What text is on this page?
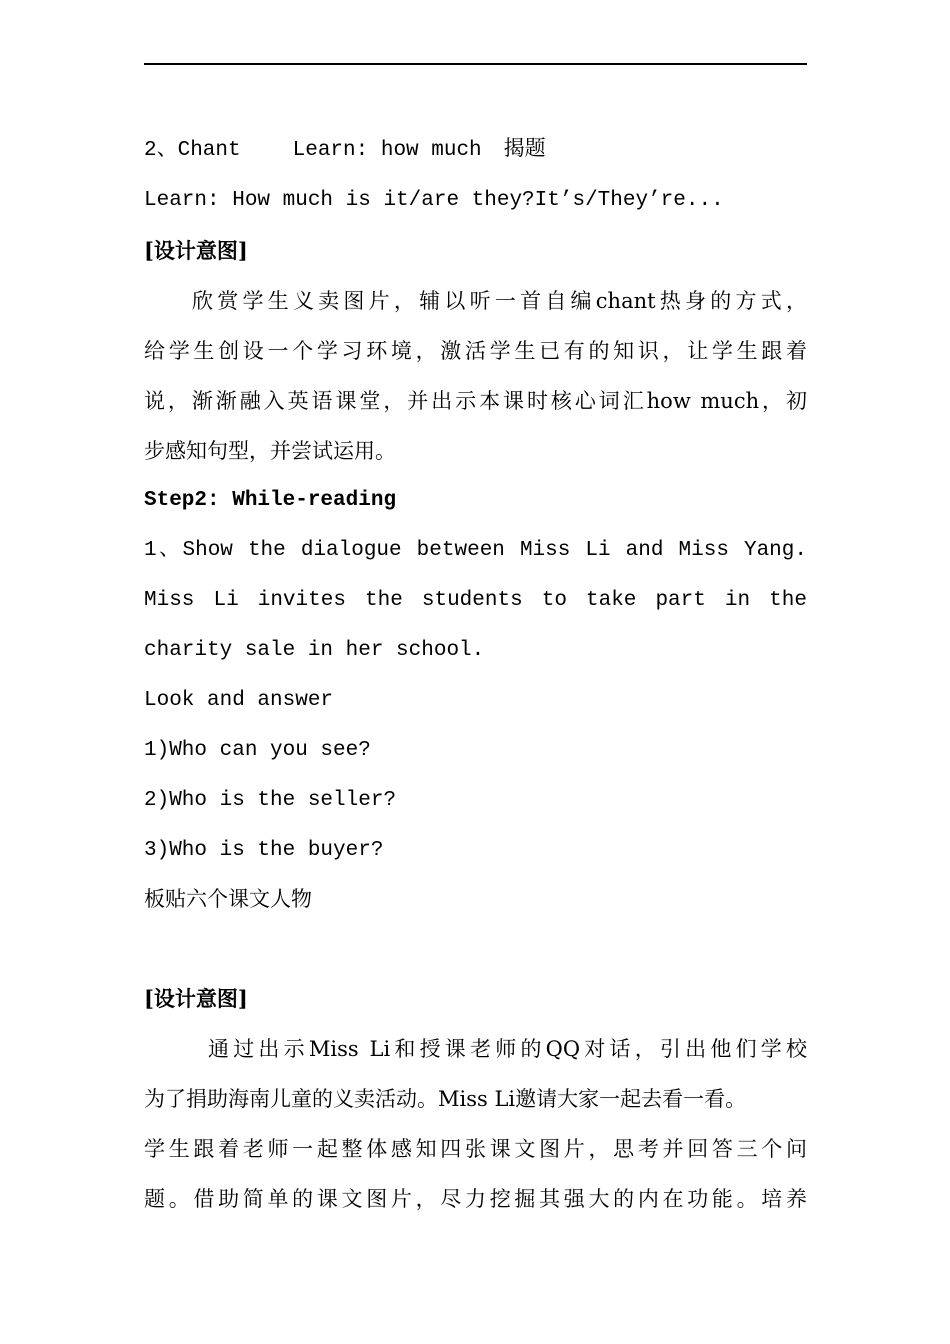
2、Chant Learn: how much 揭题
Learn: How much is it/are they?It’s/They’re...
[设计意图]
欣赏学生义卖图片，辅以听一首自编chant热身的方式，
给学生创设一个学习环境，激活学生已有的知识，让学生跟着
说，渐渐融入英语课堂，并出示本课时核心词汇how much，初
步感知句型，并尝试运用。
Step2: While-reading
1、Show the dialogue between Miss Li and Miss Yang.
Miss Li invites the students to take part in the
charity sale in her school.
Look and answer
1)Who can you see?
2)Who is the seller?
3)Who is the buyer?
板贴六个课文人物
[设计意图]
通过出示Miss Li和授课老师的QQ对话，引出他们学校
为了捐助海南儿童的义卖活动。Miss Li邀请大家一起去看一看。
学生跟着老师一起整体感知四张课文图片，思考并回答三个问
题。借助简单的课文图片，尽力挖掘其强大的内在功能。培养
